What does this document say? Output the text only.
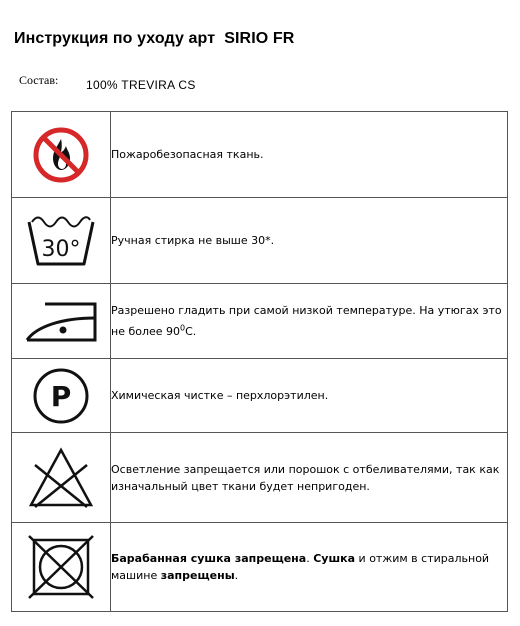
Инструкция по уходу арт  SIRIO FR
Состав: 100% TREVIRA CS
	Пожаробезопасная ткань.

30°	Ручная стирка не выше 30*.

	Разрешено гладить при самой низкой температуре. На утюгах это не более $90^0С$.

P	Химическая чистке – перхлорэтилен.

	Осветление запрещается или порошок с отбеливателями, так как изначальный цвет ткани будет непригоден.

	Барабанная сушка запрещена. Сушка и отжим в стиральной машине запрещены.
